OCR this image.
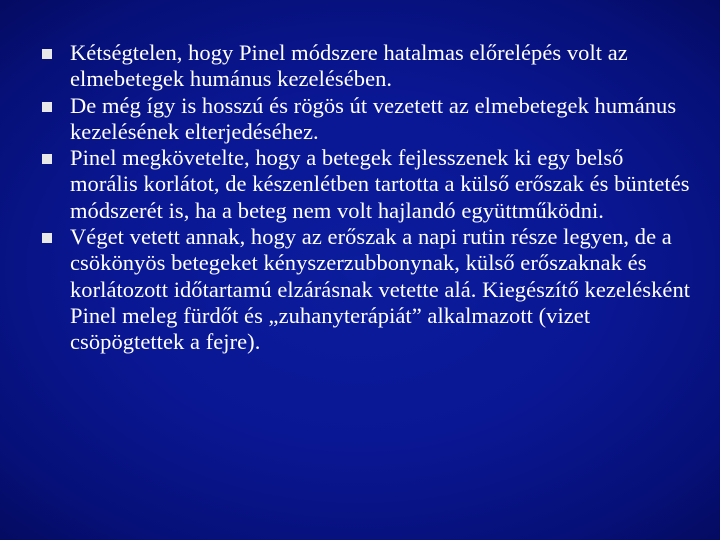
Kétségtelen, hogy Pinel módszere hatalmas előrelépés volt az elmebetegek humánus kezelésében.
De még így is hosszú és rögös út vezetett az elmebetegek humánus kezelésének elterjedéséhez.
Pinel megkövetelte, hogy a betegek fejlesszenek ki egy belső morális korlátot, de készenlétben tartotta a külső erőszak és büntetés módszerét is, ha a beteg nem volt hajlandó együttműködni.
Véget vetett annak, hogy az erőszak a napi rutin része legyen, de a csökönyös betegeket kényszerzubbonynak, külső erőszaknak és korlátozott időtartamú elzárásnak vetette alá. Kiegészítő kezelésként Pinel meleg fürdőt és „zuhanyterápiát” alkalmazott (vizet csöpögtettek a fejre).
